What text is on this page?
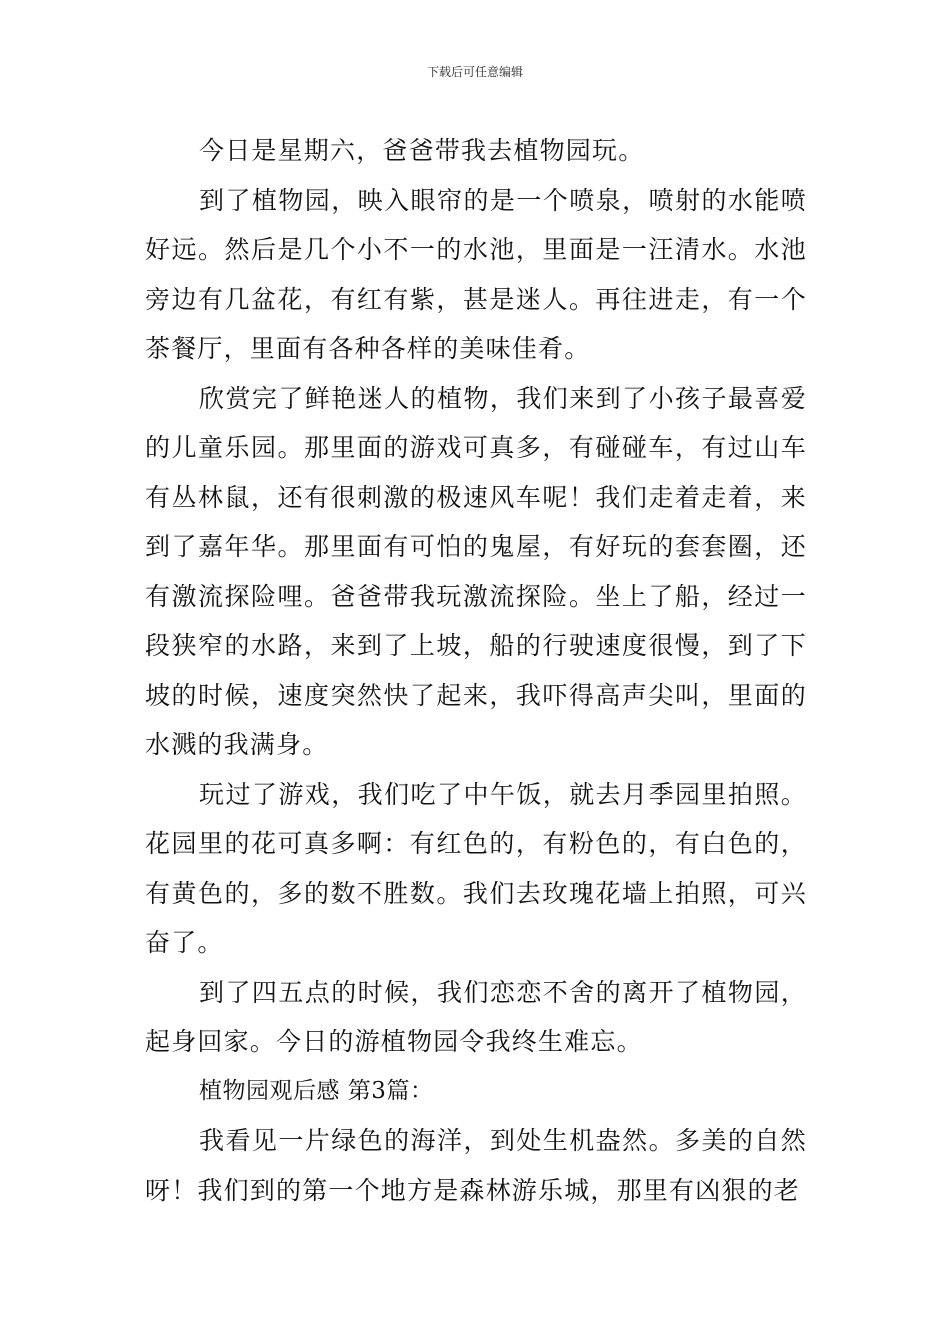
下载后可任意编辑

今日是星期六，爸爸带我去植物园玩。

到了植物园，映入眼帘的是一个喷泉，喷射的水能喷好远。然后是几个小不一的水池，里面是一汪清水。水池旁边有几盆花，有红有紫，甚是迷人。再往进走，有一个茶餐厅，里面有各种各样的美味佳肴。

欣赏完了鲜艳迷人的植物，我们来到了小孩子最喜爱的儿童乐园。那里面的游戏可真多，有碰碰车，有过山车有丛林鼠，还有很刺激的极速风车呢！我们走着走着，来到了嘉年华。那里面有可怕的鬼屋，有好玩的套套圈，还有激流探险哩。爸爸带我玩激流探险。坐上了船，经过一段狭窄的水路，来到了上坡，船的行驶速度很慢，到了下坡的时候，速度突然快了起来，我吓得高声尖叫，里面的水溅的我满身。

玩过了游戏，我们吃了中午饭，就去月季园里拍照。花园里的花可真多啊：有红色的，有粉色的，有白色的，有黄色的，多的数不胜数。我们去玫瑰花墙上拍照，可兴奋了。

到了四五点的时候，我们恋恋不舍的离开了植物园，起身回家。今日的游植物园令我终生难忘。

植物园观后感 第3篇：

我看见一片绿色的海洋，到处生机盎然。多美的自然呀！我们到的第一个地方是森林游乐城，那里有凶狠的老
